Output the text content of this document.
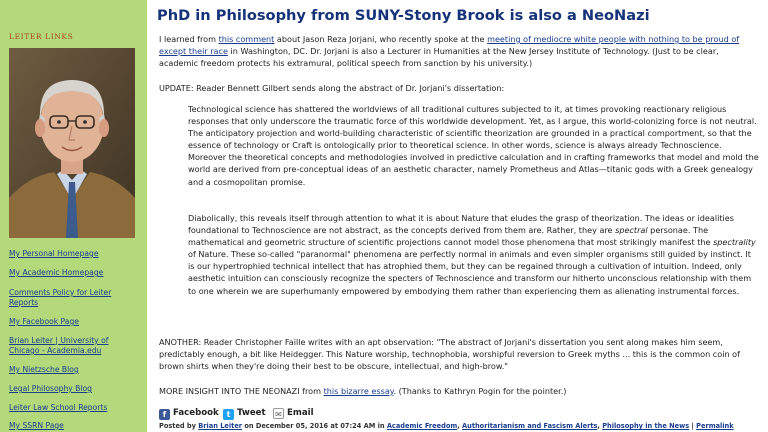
LEITER LINKS
My Personal Homepage
My Academic Homepage
Comments Policy for Leiter Reports
My Facebook Page
Brian Leiter | University of Chicago - Academia.edu
My Nietzsche Blog
Legal Philosophy Blog
Leiter Law School Reports
My SSRN Page
PhD in Philosophy from SUNY-Stony Brook is also a NeoNazi
I learned from this comment about Jason Reza Jorjani, who recently spoke at the meeting of mediocre white people with nothing to be proud of except their race in Washington, DC. Dr. Jorjani is also a Lecturer in Humanities at the New Jersey Institute of Technology. (Just to be clear, academic freedom protects his extramural, political speech from sanction by his university.)
UPDATE: Reader Bennett Gilbert sends along the abstract of Dr. Jorjani's dissertation:
Technological science has shattered the worldviews of all traditional cultures subjected to it, at times provoking reactionary religious responses that only underscore the traumatic force of this worldwide development. Yet, as I argue, this world-colonizing force is not neutral. The anticipatory projection and world-building characteristic of scientific theorization are grounded in a practical comportment, so that the essence of technology or Craft is ontologically prior to theoretical science. In other words, science is always already Technoscience. Moreover the theoretical concepts and methodologies involved in predictive calculation and in crafting frameworks that model and mold the world are derived from pre-conceptual ideas of an aesthetic character, namely Prometheus and Atlas—titanic gods with a Greek genealogy and a cosmopolitan promise.
Diabolically, this reveals itself through attention to what it is about Nature that eludes the grasp of theorization. The ideas or idealities foundational to Technoscience are not abstract, as the concepts derived from them are. Rather, they are spectral personae. The mathematical and geometric structure of scientific projections cannot model those phenomena that most strikingly manifest the spectrality of Nature. These so-called "paranormal" phenomena are perfectly normal in animals and even simpler organisms still guided by instinct. It is our hypertrophied technical intellect that has atrophied them, but they can be regained through a cultivation of intuition. Indeed, only aesthetic intuition can consciously recognize the specters of Technoscience and transform our hitherto unconscious relationship with them to one wherein we are superhumanly empowered by embodying them rather than experiencing them as alienating instrumental forces.
ANOTHER: Reader Christopher Faille writes with an apt observation: "The abstract of Jorjani's dissertation you sent along makes him seem, predictably enough, a bit like Heidegger. This Nature worship, technophobia, worshipful reversion to Greek myths ... this is the common coin of brown shirts when they're doing their best to be obscure, intellectual, and high-brow."
MORE INSIGHT INTO THE NEONAZI from this bizarre essay. (Thanks to Kathryn Pogin for the pointer.)
f Facebook t Tweet ✉ Email
Posted by Brian Leiter on December 05, 2016 at 07:24 AM in Academic Freedom, Authoritarianism and Fascism Alerts, Philosophy in the News | Permalink
